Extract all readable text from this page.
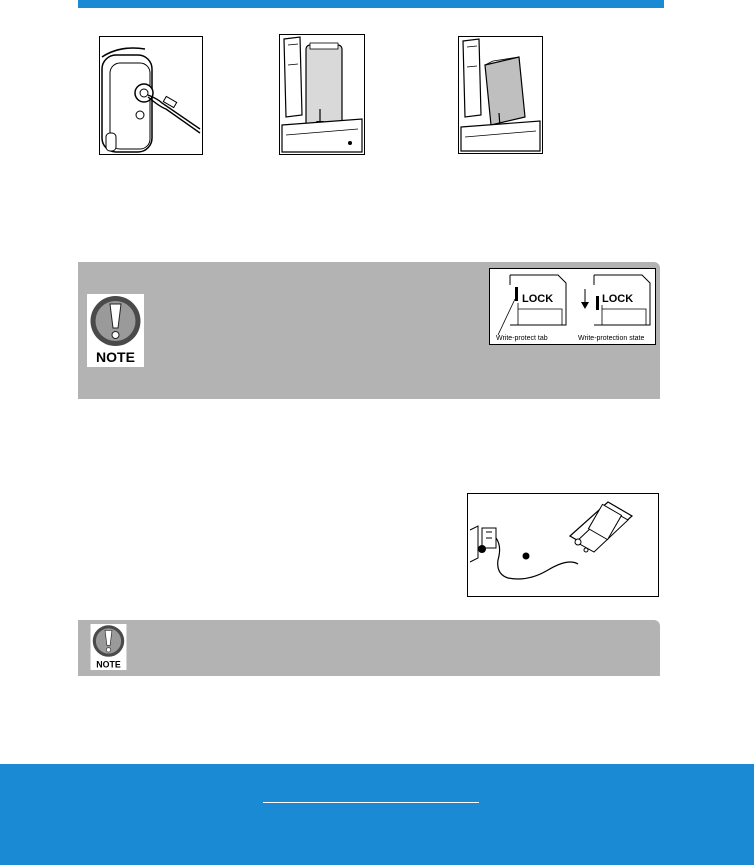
NOTE
LOCK
Write-protect tab
LOCK
Write-protection state
NOTE
